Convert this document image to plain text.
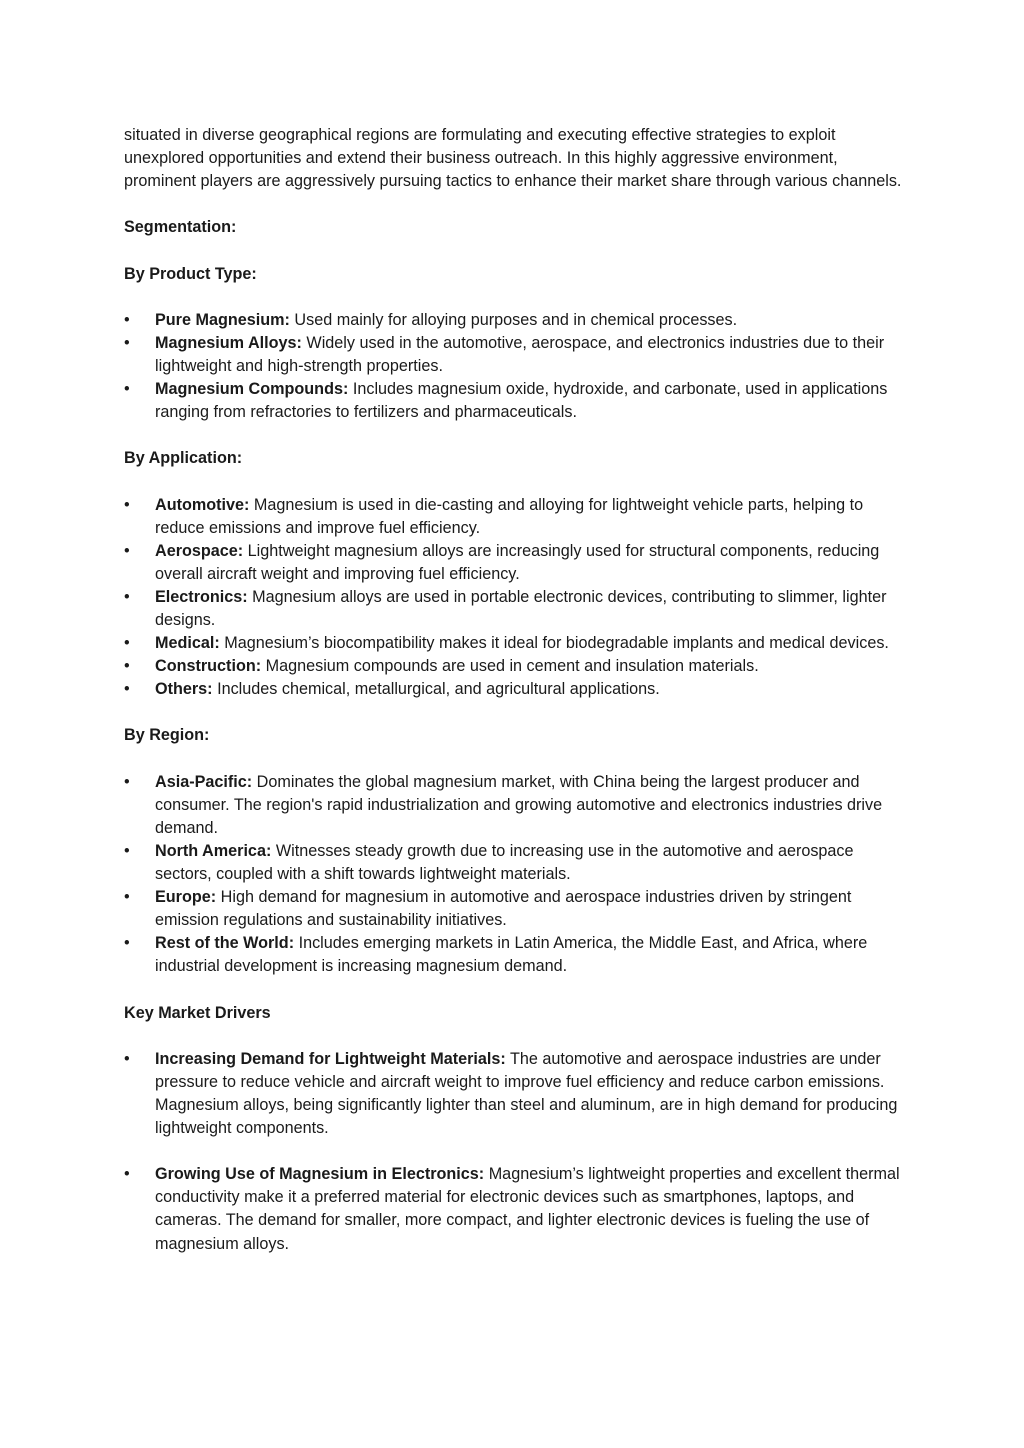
situated in diverse geographical regions are formulating and executing effective strategies to exploit unexplored opportunities and extend their business outreach. In this highly aggressive environment, prominent players are aggressively pursuing tactics to enhance their market share through various channels.

Segmentation:

By Product Type:

• Pure Magnesium: Used mainly for alloying purposes and in chemical processes.
• Magnesium Alloys: Widely used in the automotive, aerospace, and electronics industries due to their lightweight and high-strength properties.
• Magnesium Compounds: Includes magnesium oxide, hydroxide, and carbonate, used in applications ranging from refractories to fertilizers and pharmaceuticals.

By Application:

• Automotive: Magnesium is used in die-casting and alloying for lightweight vehicle parts, helping to reduce emissions and improve fuel efficiency.
• Aerospace: Lightweight magnesium alloys are increasingly used for structural components, reducing overall aircraft weight and improving fuel efficiency.
• Electronics: Magnesium alloys are used in portable electronic devices, contributing to slimmer, lighter designs.
• Medical: Magnesium’s biocompatibility makes it ideal for biodegradable implants and medical devices.
• Construction: Magnesium compounds are used in cement and insulation materials.
• Others: Includes chemical, metallurgical, and agricultural applications.

By Region:

• Asia-Pacific: Dominates the global magnesium market, with China being the largest producer and consumer. The region's rapid industrialization and growing automotive and electronics industries drive demand.
• North America: Witnesses steady growth due to increasing use in the automotive and aerospace sectors, coupled with a shift towards lightweight materials.
• Europe: High demand for magnesium in automotive and aerospace industries driven by stringent emission regulations and sustainability initiatives.
• Rest of the World: Includes emerging markets in Latin America, the Middle East, and Africa, where industrial development is increasing magnesium demand.

Key Market Drivers

• Increasing Demand for Lightweight Materials: The automotive and aerospace industries are under pressure to reduce vehicle and aircraft weight to improve fuel efficiency and reduce carbon emissions. Magnesium alloys, being significantly lighter than steel and aluminum, are in high demand for producing lightweight components.
• Growing Use of Magnesium in Electronics: Magnesium’s lightweight properties and excellent thermal conductivity make it a preferred material for electronic devices such as smartphones, laptops, and cameras. The demand for smaller, more compact, and lighter electronic devices is fueling the use of magnesium alloys.
